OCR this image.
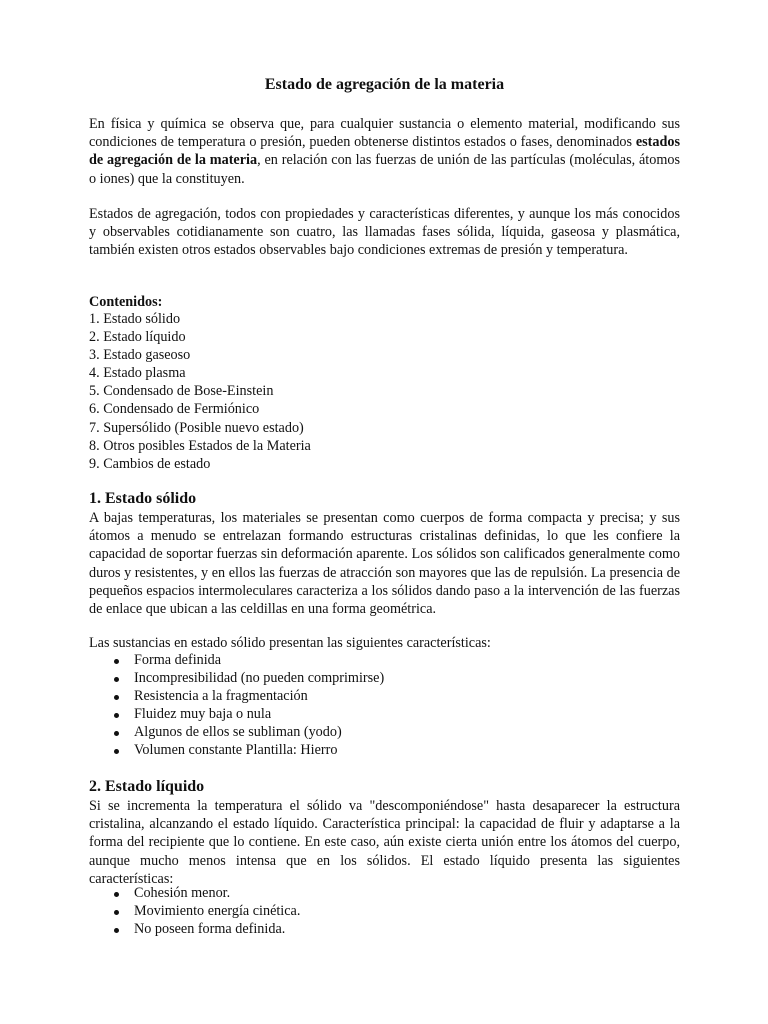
Estado de agregación de la materia

En física y química se observa que, para cualquier sustancia o elemento material, modificando sus condiciones de temperatura o presión, pueden obtenerse distintos estados o fases, denominados estados de agregación de la materia, en relación con las fuerzas de unión de las partículas (moléculas, átomos o iones) que la constituyen.

Estados de agregación, todos con propiedades y características diferentes, y aunque los más conocidos y observables cotidianamente son cuatro, las llamadas fases sólida, líquida, gaseosa y plasmática, también existen otros estados observables bajo condiciones extremas de presión y temperatura.

Contenidos:

1. Estado sólido
2. Estado líquido
3. Estado gaseoso
4. Estado plasma
5. Condensado de Bose-Einstein
6. Condensado de Fermiónico
7. Supersólido (Posible nuevo estado)
8. Otros posibles Estados de la Materia
9. Cambios de estado
1. Estado sólido

A bajas temperaturas, los materiales se presentan como cuerpos de forma compacta y precisa; y sus átomos a menudo se entrelazan formando estructuras cristalinas definidas, lo que les confiere la capacidad de soportar fuerzas sin deformación aparente. Los sólidos son calificados generalmente como duros y resistentes, y en ellos las fuerzas de atracción son mayores que las de repulsión. La presencia de pequeños espacios intermoleculares caracteriza a los sólidos dando paso a la intervención de las fuerzas de enlace que ubican a las celdillas en una forma geométrica.

Las sustancias en estado sólido presentan las siguientes características:

Forma definida
Incompresibilidad (no pueden comprimirse)
Resistencia a la fragmentación
Fluidez muy baja o nula
Algunos de ellos se subliman (yodo)
Volumen constante Plantilla: Hierro
2. Estado líquido

Si se incrementa la temperatura el sólido va "descomponiéndose" hasta desaparecer la estructura cristalina, alcanzando el estado líquido. Característica principal: la capacidad de fluir y adaptarse a la forma del recipiente que lo contiene. En este caso, aún existe cierta unión entre los átomos del cuerpo, aunque mucho menos intensa que en los sólidos. El estado líquido presenta las siguientes características:

Cohesión menor.
Movimiento energía cinética.
No poseen forma definida.
